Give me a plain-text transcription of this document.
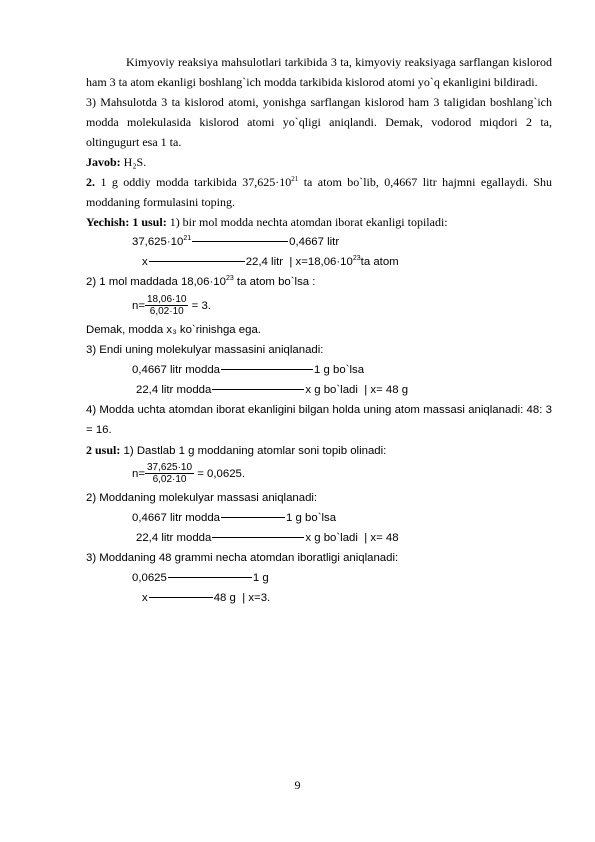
Kimyoviy reaksiya mahsulotlari tarkibida 3 ta, kimyoviy reaksiyaga sarflangan kislorod ham 3 ta atom ekanligi boshlang`ich modda tarkibida kislorod atomi yo`q ekanligini bildiradi.

3) Mahsulotda 3 ta kislorod atomi, yonishga sarflangan kislorod ham 3 taligidan boshlang`ich modda molekulasida kislorod atomi yo`qligi aniqlandi. Demak, vodorod miqdori 2 ta, oltingugurt esa 1 ta.

Javob: H₂S.

2. 1 g oddiy modda tarkibida $37,625\cdot 10^{21}$ ta atom bo`lib, 0,4667 litr hajmni egallaydi. Shu moddaning formulasini toping.

Yechish: 1 usul: 1) bir mol modda nechta atomdan iborat ekanligi topiladi:
$37,625\cdot 10^{21}$	0,4667 litr
x	22,4 litr | $x=18,06\cdot 10^{23}ta$ atom
2) 1 mol maddada $18,06\cdot 10^{23}$ ta atom bo`lsa :
$n= \frac{18,06\cdot 10}{6,02\cdot 10} = 3$.
Demak, modda x₃ ko`rinishga ega.
3) Endi uning molekulyar massasini aniqlanadi:
0,4667 litr modda	1 g bo`lsa
22,4 litr modda	x g bo`ladi | x= 48 g

4) Modda uchta atomdan iborat ekanligini bilgan holda uning atom massasi aniqlanadi: 48: 3 = 16.

2 usul: 1) Dastlab 1 g moddaning atomlar soni topib olinadi:
$n= \frac{37,625\cdot 10}{6,02\cdot 10} = 0,0625$.
2) Moddaning molekulyar massasi aniqlanadi:
0,4667 litr modda	1 g bo`lsa
22,4 litr modda	x g bo`ladi | x= 48
3) Moddaning 48 grammi necha atomdan iboratligi aniqlanadi:
0,0625	1 g
x	48 g | x=3.
9
